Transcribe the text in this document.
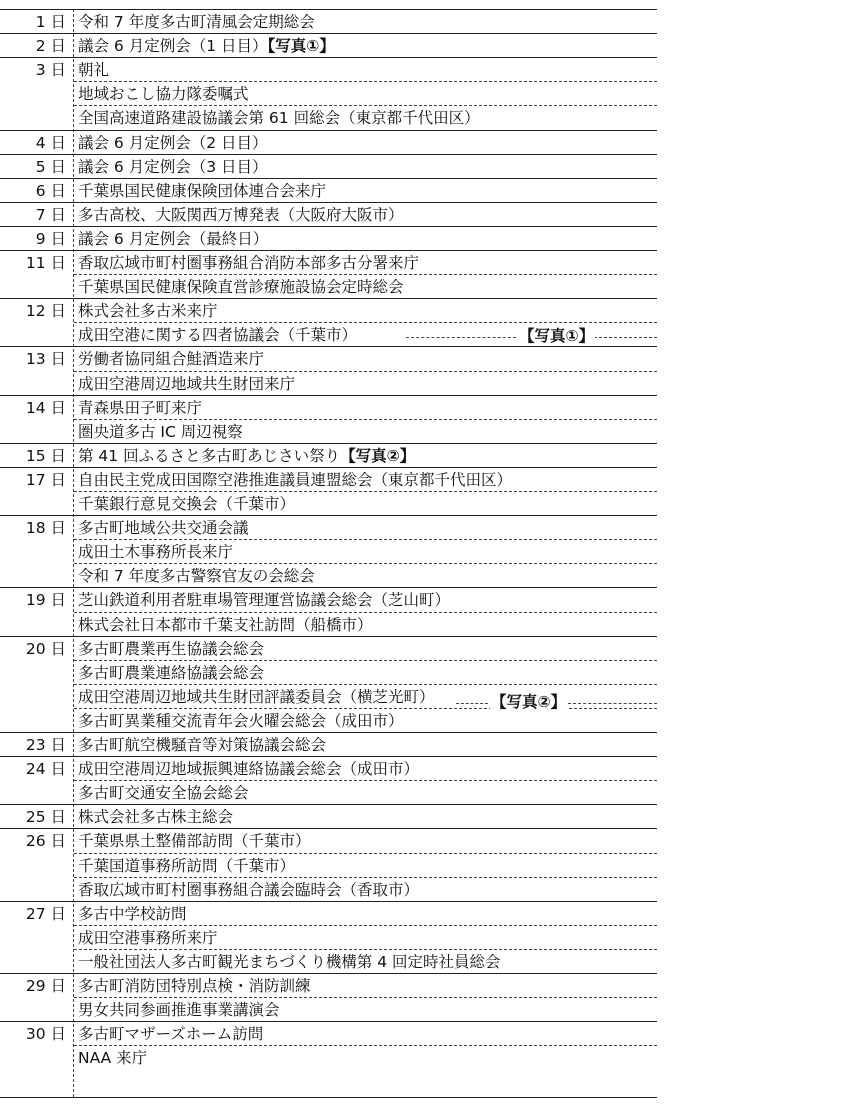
1 日 令和 7 年度多古町清風会定期総会
2 日 議会 6 月定例会（1 日目）【写真①】
3 日 朝礼
地域おこし協力隊委嘱式
全国高速道路建設協議会第 61 回総会（東京都千代田区）
4 日 議会 6 月定例会（2 日目）
5 日 議会 6 月定例会（3 日目）
6 日 千葉県国民健康保険団体連合会来庁
7 日 多古高校、大阪関西万博発表（大阪府大阪市）
9 日 議会 6 月定例会（最終日）
11 日 香取広域市町村圏事務組合消防本部多古分署来庁
千葉県国民健康保険直営診療施設協会定時総会
12 日 株式会社多古米来庁
成田空港に関する四者協議会（千葉市）
13 日 労働者協同組合鮭酒造来庁
成田空港周辺地域共生財団来庁
14 日 青森県田子町来庁
圏央道多古 IC 周辺視察
15 日 第 41 回ふるさと多古町あじさい祭り【写真②】
17 日 自由民主党成田国際空港推進議員連盟総会（東京都千代田区）
千葉銀行意見交換会（千葉市）
18 日 多古町地域公共交通会議
成田土木事務所長来庁
令和 7 年度多古警察官友の会総会
19 日 芝山鉄道利用者駐車場管理運営協議会総会（芝山町）
株式会社日本都市千葉支社訪問（船橋市）
20 日 多古町農業再生協議会総会
多古町農業連絡協議会総会
成田空港周辺地域共生財団評議委員会（横芝光町）
多古町異業種交流青年会火曜会総会（成田市）
23 日 多古町航空機騒音等対策協議会総会
24 日 成田空港周辺地域振興連絡協議会総会（成田市）
多古町交通安全協会総会
25 日 株式会社多古株主総会
26 日 千葉県県土整備部訪問（千葉市）
千葉国道事務所訪問（千葉市）
香取広域市町村圏事務組合議会臨時会（香取市）
27 日 多古中学校訪問
成田空港事務所来庁
一般社団法人多古町観光まちづくり機構第 4 回定時社員総会
29 日 多古町消防団特別点検・消防訓練
男女共同参画推進事業講演会
30 日 多古町マザーズホーム訪問
NAA 来庁
【写真①】
【写真②】
